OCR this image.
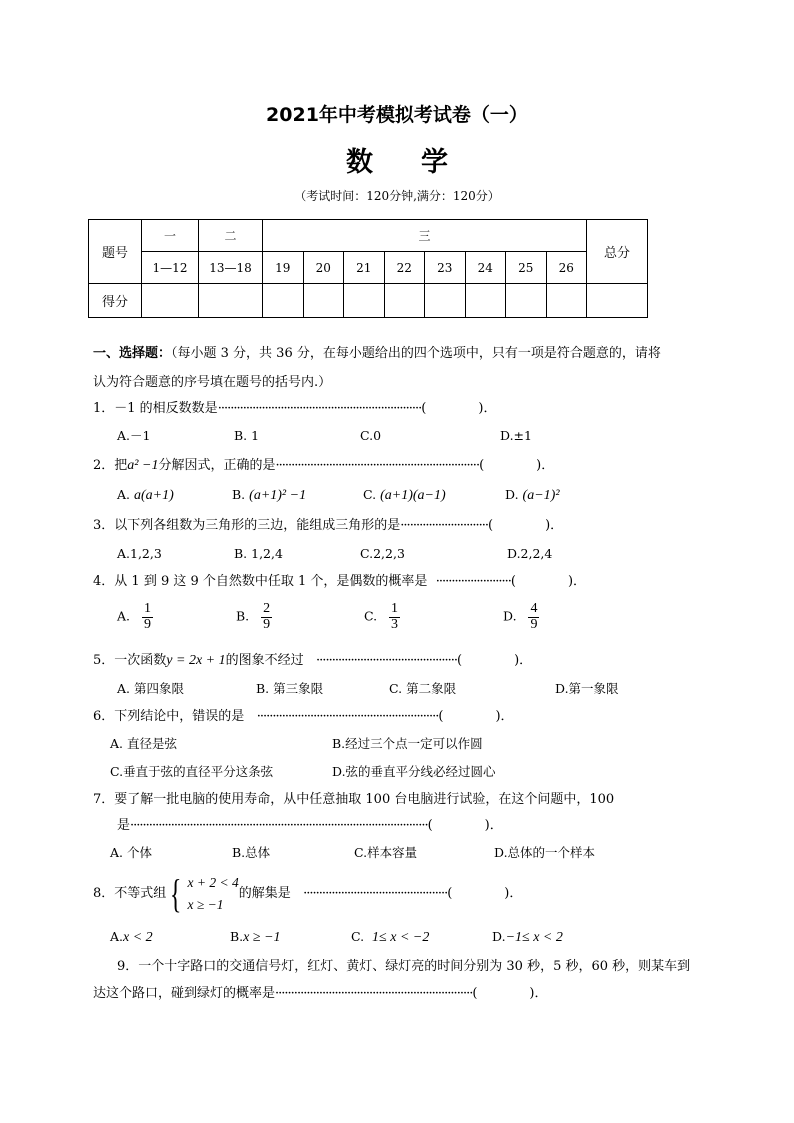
2021年中考模拟考试卷（一）
数学
（考试时间：120分钟,满分：120分）
题号	一	二	三								总分
	1—12	13—18	19	20	21	22	23	24	25	26	
得分											
一、选择题：（每小题 3 分，共 36 分，在每小题给出的四个选项中，只有一项是符合题意的，请将
认为符合题意的序号填在题号的括号内.）
1．－1 的相反数数是·································································(　　　　)．
A.－1	B. 1	C.0	D.±1
2．把a² −1分解因式，正确的是·································································(　　　　)．
A. a(a+1)	B. (a+1)² −1	C. (a+1)(a−1)	D. (a−1)²
3．以下列各组数为三角形的三边，能组成三角形的是····························(　　　　)．
A.1,2,3	B. 1,2,4	C.2,2,3	D.2,2,4
4．从 1 到 9 这 9 个自然数中任取 1 个，是偶数的概率是 ························(　　　　)．
A. $\frac{1}{9}$	B. $\frac{2}{9}$	C. $\frac{1}{3}$	D. $\frac{4}{9}$
5．一次函数y = 2x + 1的图象不经过 ·············································(　　　　)．
A. 第四象限	B. 第三象限	C. 第二象限	D.第一象限
6．下列结论中，错误的是 ··························································(　　　　)．
A. 直径是弦	B.经过三个点一定可以作圆
C.垂直于弦的直径平分这条弦	D.弦的垂直平分线必经过圆心
7．要了解一批电脑的使用寿命，从中任意抽取 100 台电脑进行试验，在这个问题中，100
是·······························································································(　　　　)．
A. 个体	B.总体	C.样本容量	D.总体的一个样本
8．不等式组 { x + 2 < 4
x ≥ −1
的解集是 ··············································(　　　　)．
A.x < 2	B.x ≥ −1	C. 1≤ x < −2	D.−1≤ x < 2
9．一个十字路口的交通信号灯，红灯、黄灯、绿灯亮的时间分别为 30 秒，5 秒，60 秒，则某车到
达这个路口，碰到绿灯的概率是·······························································(　　　　)．
